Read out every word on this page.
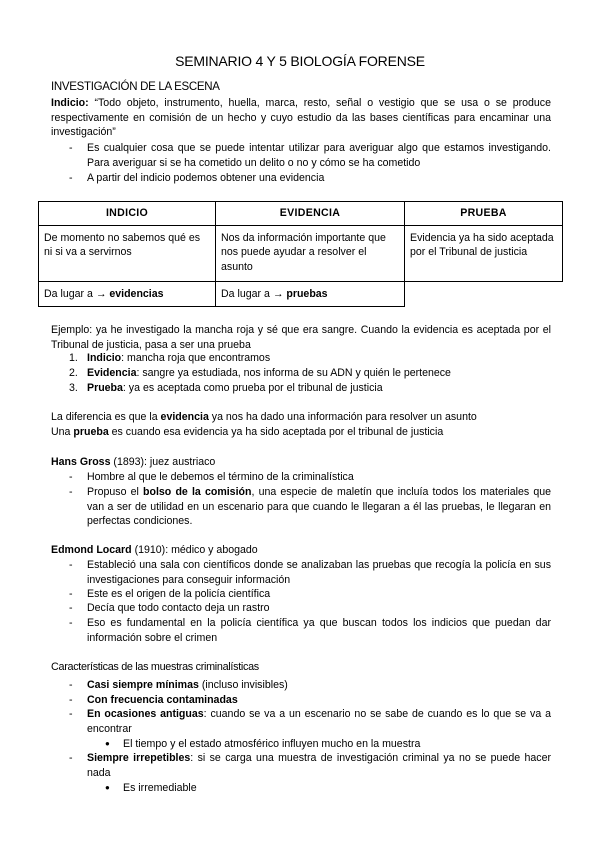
SEMINARIO 4 Y 5 BIOLOGÍA FORENSE
INVESTIGACIÓN DE LA ESCENA
Indicio: “Todo objeto, instrumento, huella, marca, resto, señal o vestigio que se usa o se produce respectivamente en comisión de un hecho y cuyo estudio da las bases científicas para encaminar una investigación”
- Es cualquier cosa que se puede intentar utilizar para averiguar algo que estamos investigando. Para averiguar si se ha cometido un delito o no y cómo se ha cometido
- A partir del indicio podemos obtener una evidencia
INDICIO	EVIDENCIA	PRUEBA
De momento no sabemos qué es ni si va a servirnos	Nos da información importante que nos puede ayudar a resolver el asunto	Evidencia ya ha sido aceptada por el Tribunal de justicia
Da lugar a → evidencias	Da lugar a → pruebas	
Ejemplo: ya he investigado la mancha roja y sé que era sangre. Cuando la evidencia es aceptada por el Tribunal de justicia, pasa a ser una prueba
1. Indicio: mancha roja que encontramos
2. Evidencia: sangre ya estudiada, nos informa de su ADN y quién le pertenece
3. Prueba: ya es aceptada como prueba por el tribunal de justicia
La diferencia es que la evidencia ya nos ha dado una información para resolver un asunto
Una prueba es cuando esa evidencia ya ha sido aceptada por el tribunal de justicia
Hans Gross (1893): juez austriaco
- Hombre al que le debemos el término de la criminalística
- Propuso el bolso de la comisión, una especie de maletín que incluía todos los materiales que van a ser de utilidad en un escenario para que cuando le llegaran a él las pruebas, le llegaran en perfectas condiciones.
Edmond Locard (1910): médico y abogado
- Estableció una sala con científicos donde se analizaban las pruebas que recogía la policía en sus investigaciones para conseguir información
- Este es el origen de la policía científica
- Decía que todo contacto deja un rastro
- Eso es fundamental en la policía científica ya que buscan todos los indicios que puedan dar información sobre el crimen
Características de las muestras criminalísticas
- Casi siempre mínimas (incluso invisibles)
- Con frecuencia contaminadas
- En ocasiones antiguas: cuando se va a un escenario no se sabe de cuando es lo que se va a encontrar
● El tiempo y el estado atmosférico influyen mucho en la muestra
- Siempre irrepetibles: si se carga una muestra de investigación criminal ya no se puede hacer nada
● Es irremediable
